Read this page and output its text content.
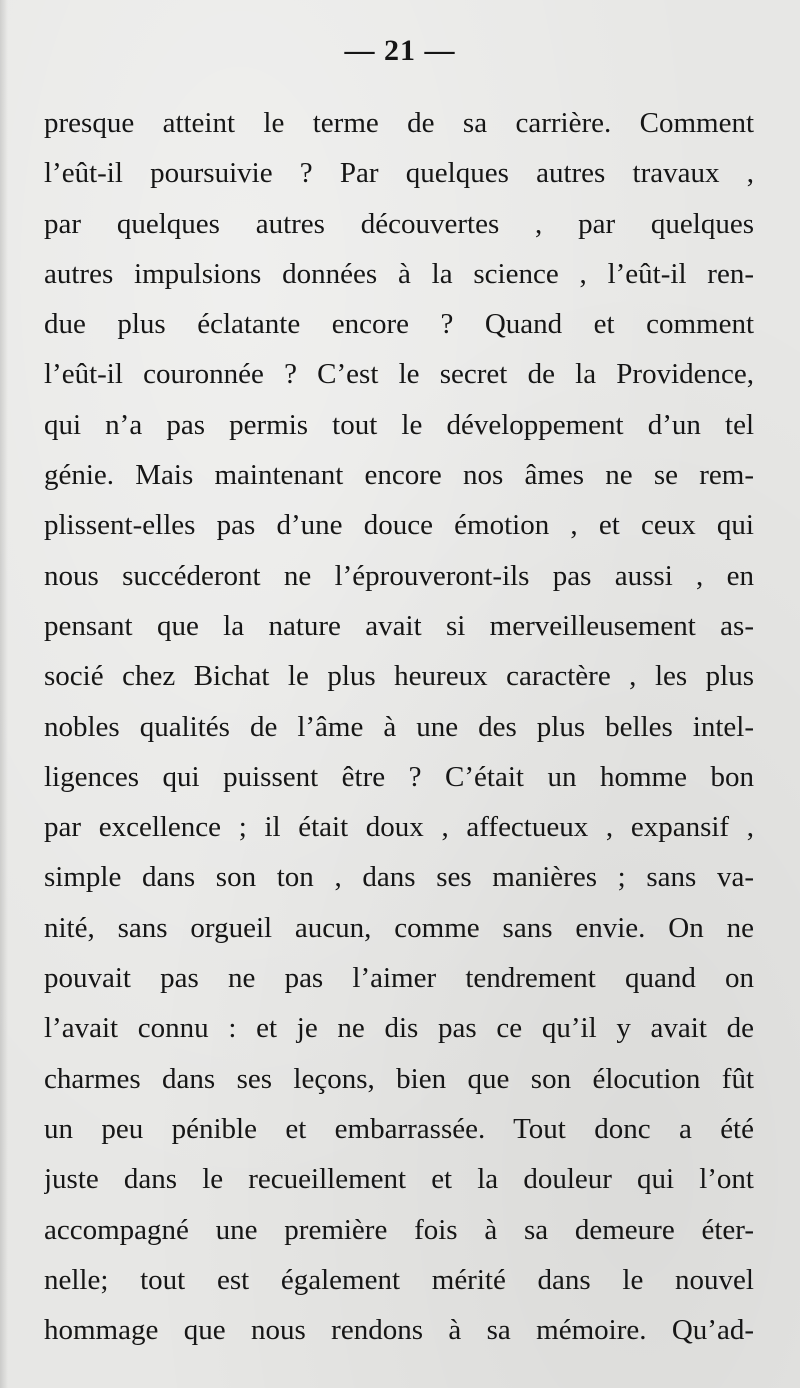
— 21 —
presque atteint le terme de sa carrière. Comment
l’eût-il poursuivie ? Par quelques autres travaux ,
par quelques autres découvertes , par quelques
autres impulsions données à la science , l’eût-il ren-
due plus éclatante encore ? Quand et comment
l’eût-il couronnée ? C’est le secret de la Providence,
qui n’a pas permis tout le développement d’un tel
génie. Mais maintenant encore nos âmes ne se rem-
plissent-elles pas d’une douce émotion , et ceux qui
nous succéderont ne l’éprouveront-ils pas aussi , en
pensant que la nature avait si merveilleusement as-
socié chez Bichat le plus heureux caractère , les plus
nobles qualités de l’âme à une des plus belles intel-
ligences qui puissent être ? C’était un homme bon
par excellence ; il était doux , affectueux , expansif ,
simple dans son ton , dans ses manières ; sans va-
nité, sans orgueil aucun, comme sans envie. On ne
pouvait pas ne pas l’aimer tendrement quand on
l’avait connu : et je ne dis pas ce qu’il y avait de
charmes dans ses leçons, bien que son élocution fût
un peu pénible et embarrassée. Tout donc a été
juste dans le recueillement et la douleur qui l’ont
accompagné une première fois à sa demeure éter-
nelle; tout est également mérité dans le nouvel
hommage que nous rendons à sa mémoire. Qu’ad-
